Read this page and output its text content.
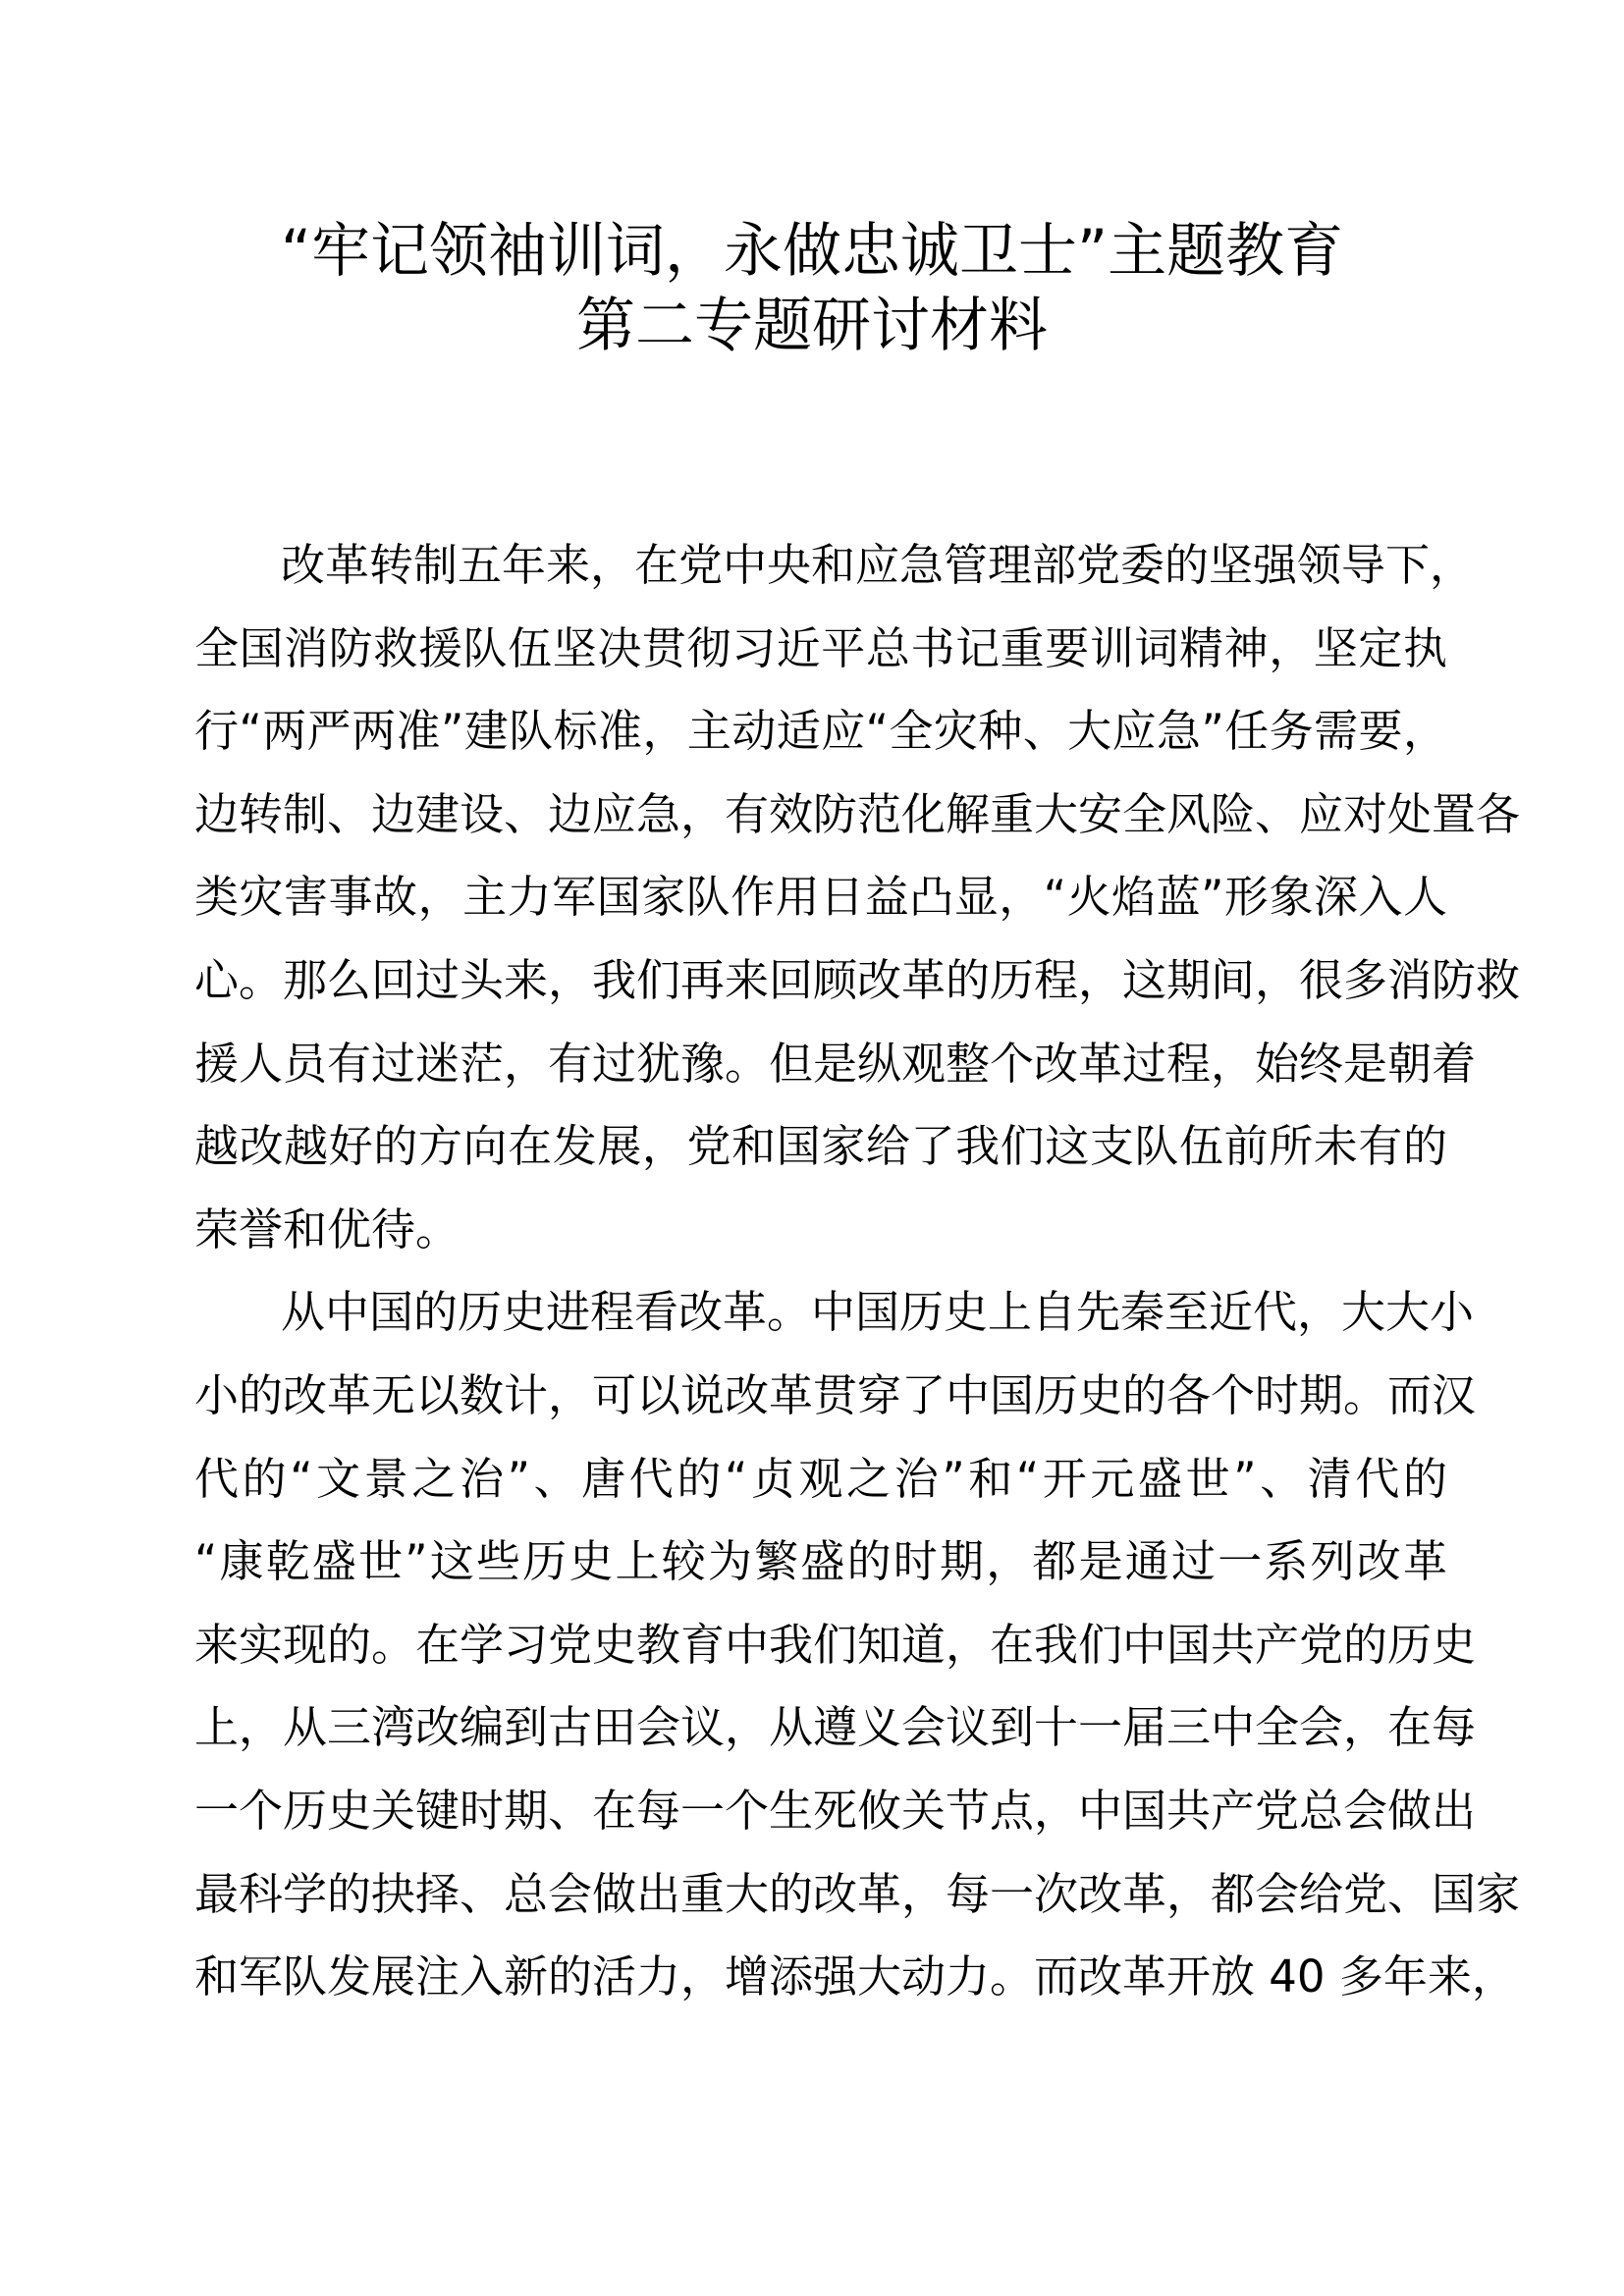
“牢记领袖训词，永做忠诚卫士”主题教育
第二专题研讨材料
改革转制五年来，在党中央和应急管理部党委的坚强领导下，
全国消防救援队伍坚决贯彻习近平总书记重要训词精神，坚定执
行“两严两准”建队标准，主动适应“全灾种、大应急”任务需要，
边转制、边建设、边应急，有效防范化解重大安全风险、应对处置各
类灾害事故，主力军国家队作用日益凸显，“火焰蓝”形象深入人
心。那么回过头来，我们再来回顾改革的历程，这期间，很多消防救
援人员有过迷茫，有过犹豫。但是纵观整个改革过程，始终是朝着
越改越好的方向在发展，党和国家给了我们这支队伍前所未有的
荣誉和优待。
从中国的历史进程看改革。中国历史上自先秦至近代，大大小
小的改革无以数计，可以说改革贯穿了中国历史的各个时期。而汉
代的“文景之治”、唐代的“贞观之治”和“开元盛世”、清代的
“康乾盛世”这些历史上较为繁盛的时期，都是通过一系列改革
来实现的。在学习党史教育中我们知道，在我们中国共产党的历史
上，从三湾改编到古田会议，从遵义会议到十一届三中全会，在每
一个历史关键时期、在每一个生死攸关节点，中国共产党总会做出
最科学的抉择、总会做出重大的改革，每一次改革，都会给党、国家
和军队发展注入新的活力，增添强大动力。而改革开放 40 多年来，
